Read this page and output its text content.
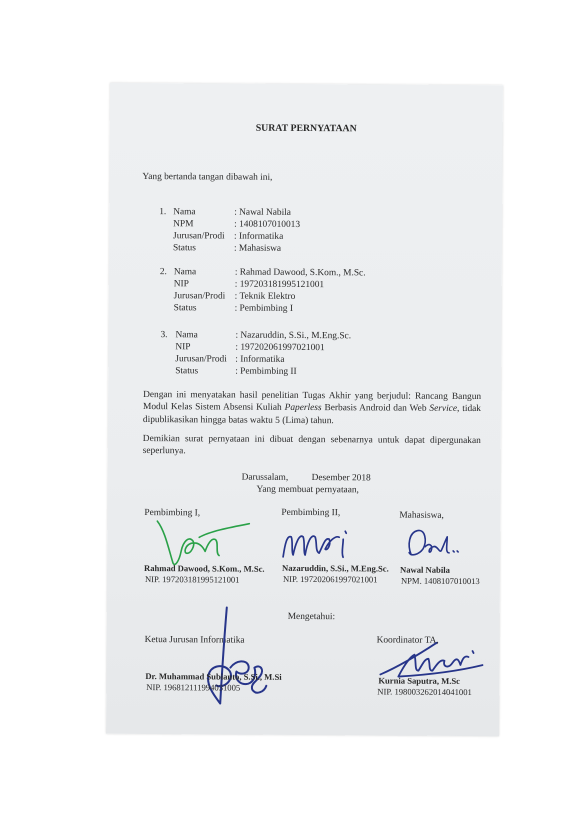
SURAT PERNYATAAN
Yang bertanda tangan dibawah ini,
1. Nama	: Nawal Nabila
NPM	: 1408107010013
Jurusan/Prodi : Informatika
Status	: Mahasiswa
2. Nama	: Rahmad Dawood, S.Kom., M.Sc.
NIP	: 197203181995121001
Jurusan/Prodi : Teknik Elektro
Status	: Pembimbing I
3. Nama	: Nazaruddin, S.Si., M.Eng.Sc.
NIP	: 197202061997021001
Jurusan/Prodi : Informatika
Status	: Pembimbing II
Dengan ini menyatakan hasil penelitian Tugas Akhir yang berjudul: Rancang Bangun Modul Kelas Sistem Absensi Kuliah Paperless Berbasis Android dan Web Service, tidak dipublikasikan hingga batas waktu 5 (Lima) tahun.
Demikian surat pernyataan ini dibuat dengan sebenarnya untuk dapat dipergunakan seperlunya.
Darussalam,          Desember 2018
Yang membuat pernyataan,
Pembimbing I,	Pembimbing II,	Mahasiswa,
Rahmad Dawood, S.Kom., M.Sc.
NIP. 197203181995121001
Nazaruddin, S.Si., M.Eng.Sc.
NIP. 197202061997021001
Nawal Nabila
NPM. 1408107010013
Mengetahui:
Ketua Jurusan Informatika	Koordinator TA,
Dr. Muhammad Subianto, S.Si., M.Si
NIP. 196812111994031005
Kurnia Saputra, M.Sc
NIP. 198003262014041001
